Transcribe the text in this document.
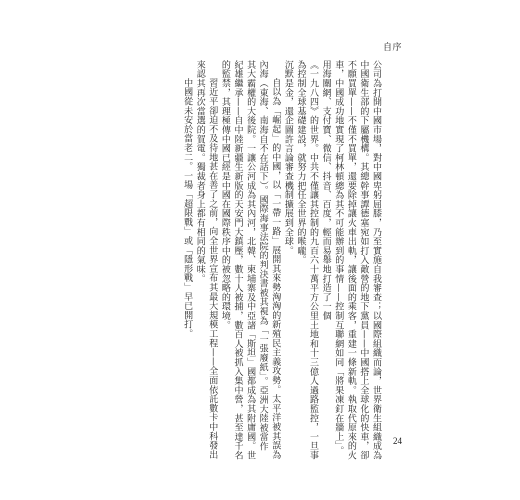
自序

公司為打開中國市場，對中國卑躬屈膝，乃至實施自我審查；以國際組織而論，世界衛生組織成為中國衛生部的下屬機構。其總幹事譚德塞宛如打入敵營的地下黨員——中國搭上全球化的快車，卻不願買單——不僅不買單，還要除掉讓火車出軌，讓後面的乘客，重建一條新軌。執取代原來的火車，中國成功地實現了柯林頓總為其不可能辦到的事情——控制互聯網如同「將果凍釘在牆上」。用海關網、支付寶、微信、抖音、百度，輕而易舉地打造了一個

《一九八四》的世界。中共不僅讓其控制的九百六十萬平方公里土地和十三億人過路監控，一旦事為控制全球基礎建設，就努力把任全世界的喉嚨。

沉默是金，還企圖許言論審查機制擴展到全球。

自以為「崛起」的中國，以「一帶一路」展開其來勢洶洶的新殖民主義攻勢。太平洋被其誤為內海（東海、南海自不在話下）。國際海事法院的判決書被其視為「一張廢紙」。亞洲大陸被當作其大霸權的大後院。一讓公河成為其內河，北韓、柬埔寨及中亞諸「斯坦」國都成為其附庸國。世紀雄繼承——自中陸新疆生新版的天安門大鎮壓，數十人被捕，數百人被抓入集中營，甚至達千名的監禁，其理極傳中國已經是中國在國際秩序中的被忽略的環境。

習近平卻迫不及待地甚在善了之前，向全世界宣布其最大規模工程——全面依託數卡中科發出來認其再次當選的賀電。獨裁者身上都有相同的氣味。

中國從未安於當老二。一場「超限戰」或「隱形戰」早已開打。

24
